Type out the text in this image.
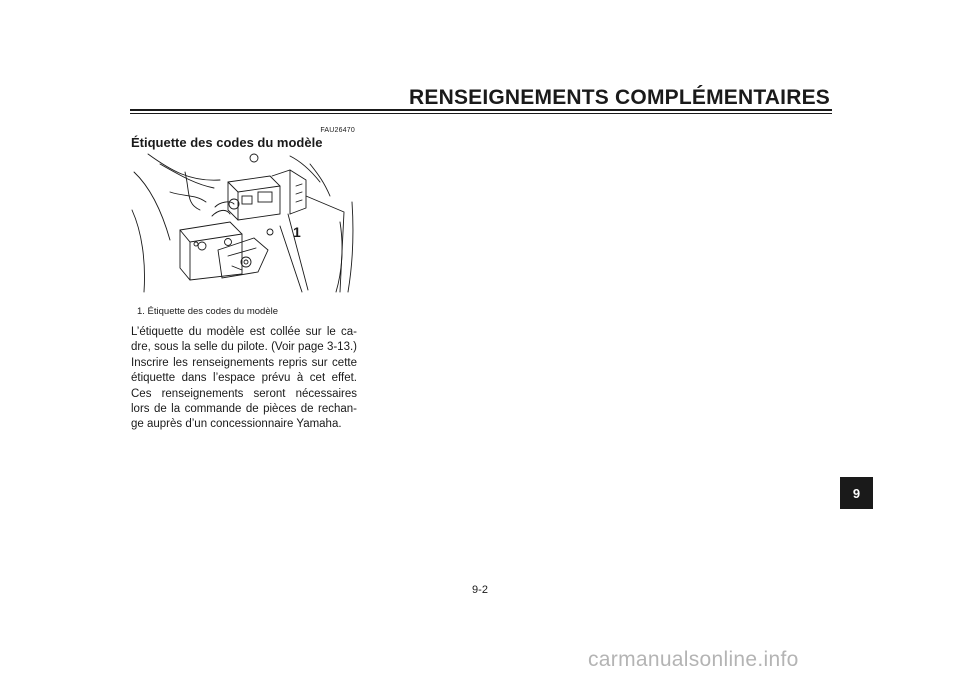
RENSEIGNEMENTS COMPLÉMENTAIRES
FAU26470
Étiquette des codes du modèle
1
1. Étiquette des codes du modèle
L’étiquette du modèle est collée sur le ca-dre, sous la selle du pilote. (Voir page 3-13.) Inscrire les renseignements repris sur cette étiquette dans l’espace prévu à cet effet. Ces renseignements seront nécessaires lors de la commande de pièces de rechan-ge auprès d’un concessionnaire Yamaha.
9
9-2
carmanualsonline.info
